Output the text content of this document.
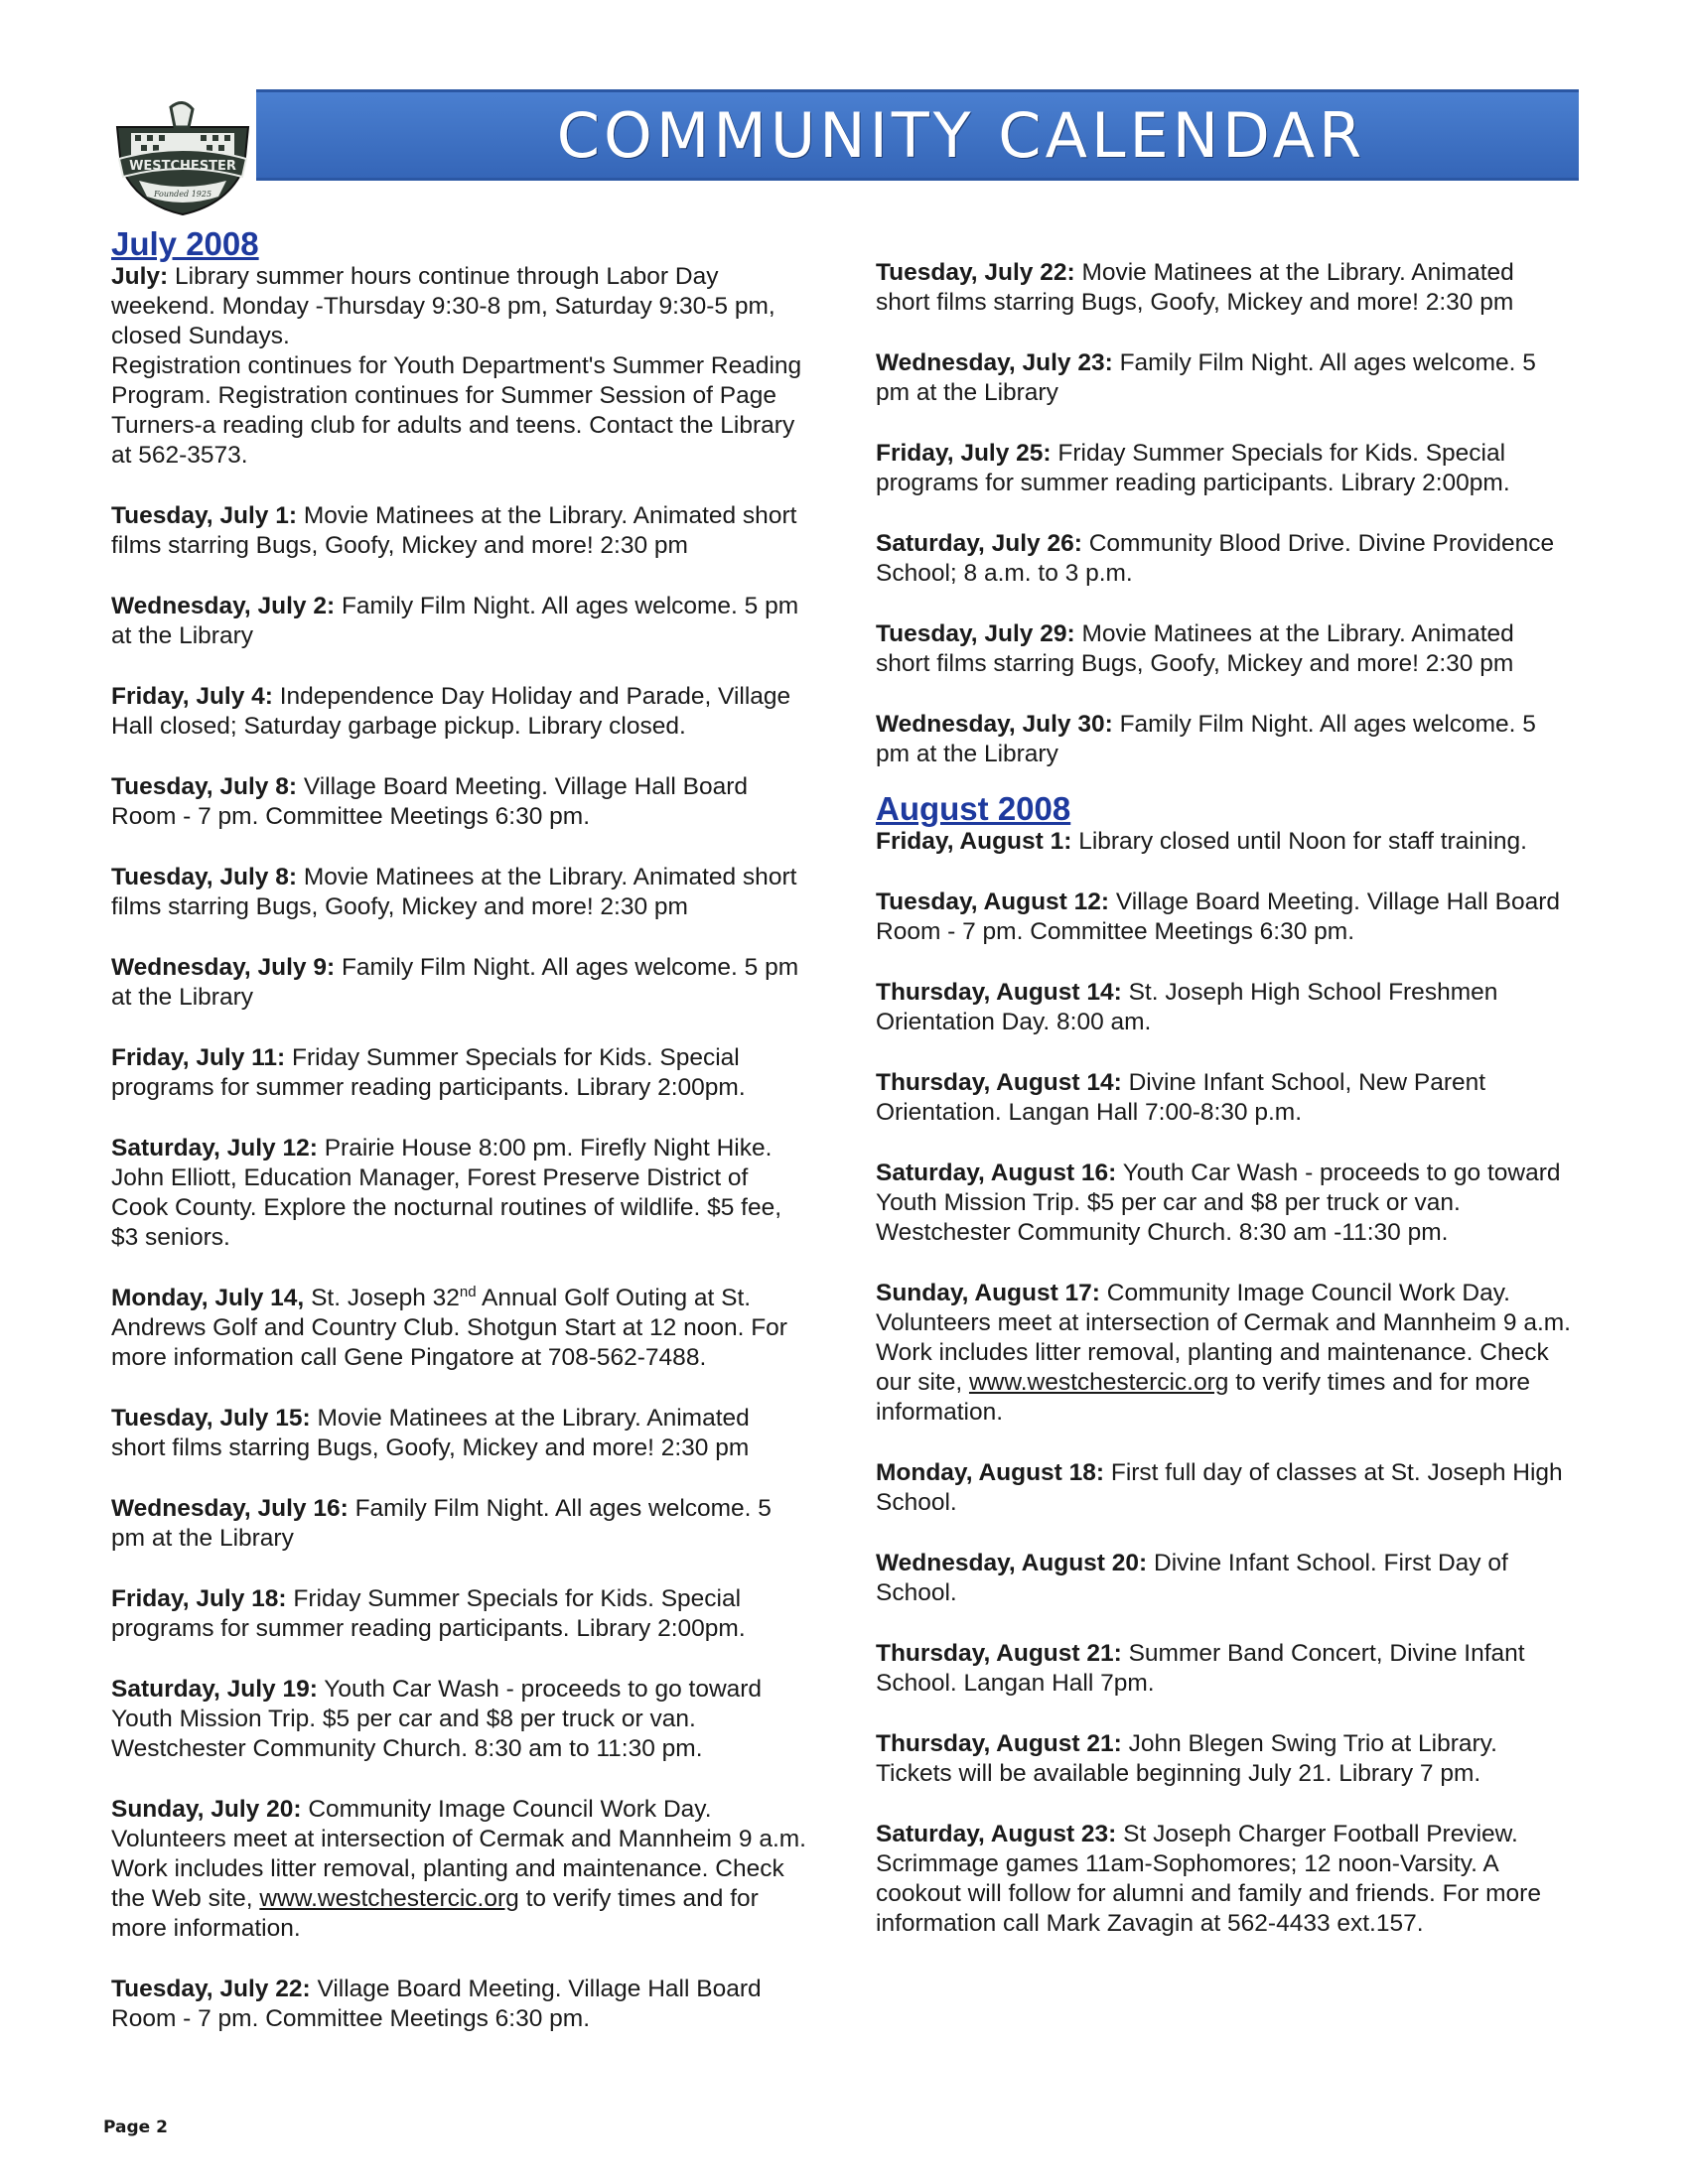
WESTCHESTER
Founded 1925
COMMUNITY CALENDAR

July 2008

July: Library summer hours continue through Labor Day weekend. Monday -Thursday 9:30-8 pm, Saturday 9:30-5 pm, closed Sundays.

Registration continues for Youth Department's Summer Reading Program. Registration continues for Summer Session of Page Turners-a reading club for adults and teens. Contact the Library at 562-3573.

Tuesday, July 1: Movie Matinees at the Library. Animated short films starring Bugs, Goofy, Mickey and more! 2:30 pm

Wednesday, July 2: Family Film Night. All ages welcome. 5 pm at the Library

Friday, July 4: Independence Day Holiday and Parade, Village Hall closed; Saturday garbage pickup. Library closed.

Tuesday, July 8: Village Board Meeting. Village Hall Board Room - 7 pm. Committee Meetings 6:30 pm.

Tuesday, July 8: Movie Matinees at the Library. Animated short films starring Bugs, Goofy, Mickey and more! 2:30 pm

Wednesday, July 9: Family Film Night. All ages welcome. 5 pm at the Library

Friday, July 11: Friday Summer Specials for Kids. Special programs for summer reading participants. Library 2:00pm.

Saturday, July 12: Prairie House 8:00 pm. Firefly Night Hike. John Elliott, Education Manager, Forest Preserve District of Cook County. Explore the nocturnal routines of wildlife. $5 fee, $3 seniors.

Monday, July 14, St. Joseph 32nd Annual Golf Outing at St. Andrews Golf and Country Club. Shotgun Start at 12 noon. For more information call Gene Pingatore at 708-562-7488.

Tuesday, July 15: Movie Matinees at the Library. Animated short films starring Bugs, Goofy, Mickey and more! 2:30 pm

Wednesday, July 16: Family Film Night. All ages welcome. 5 pm at the Library

Friday, July 18: Friday Summer Specials for Kids. Special programs for summer reading participants. Library 2:00pm.

Saturday, July 19: Youth Car Wash - proceeds to go toward Youth Mission Trip. $5 per car and $8 per truck or van. Westchester Community Church. 8:30 am to 11:30 pm.

Sunday, July 20: Community Image Council Work Day. Volunteers meet at intersection of Cermak and Mannheim 9 a.m. Work includes litter removal, planting and maintenance. Check the Web site, www.westchestercic.org to verify times and for more information.

Tuesday, July 22: Village Board Meeting. Village Hall Board Room - 7 pm. Committee Meetings 6:30 pm.

Tuesday, July 22: Movie Matinees at the Library. Animated short films starring Bugs, Goofy, Mickey and more! 2:30 pm

Wednesday, July 23: Family Film Night. All ages welcome. 5 pm at the Library

Friday, July 25: Friday Summer Specials for Kids. Special programs for summer reading participants. Library 2:00pm.

Saturday, July 26: Community Blood Drive. Divine Providence School; 8 a.m. to 3 p.m.

Tuesday, July 29: Movie Matinees at the Library. Animated short films starring Bugs, Goofy, Mickey and more! 2:30 pm

Wednesday, July 30: Family Film Night. All ages welcome. 5 pm at the Library

August 2008

Friday, August 1: Library closed until Noon for staff training.

Tuesday, August 12: Village Board Meeting. Village Hall Board Room - 7 pm. Committee Meetings 6:30 pm.

Thursday, August 14: St. Joseph High School Freshmen Orientation Day. 8:00 am.

Thursday, August 14: Divine Infant School, New Parent Orientation. Langan Hall 7:00-8:30 p.m.

Saturday, August 16: Youth Car Wash - proceeds to go toward Youth Mission Trip. $5 per car and $8 per truck or van. Westchester Community Church. 8:30 am -11:30 pm.

Sunday, August 17: Community Image Council Work Day. Volunteers meet at intersection of Cermak and Mannheim 9 a.m. Work includes litter removal, planting and maintenance. Check our site, www.westchestercic.org to verify times and for more information.

Monday, August 18: First full day of classes at St. Joseph High School.

Wednesday, August 20: Divine Infant School. First Day of School.

Thursday, August 21: Summer Band Concert, Divine Infant School. Langan Hall 7pm.

Thursday, August 21: John Blegen Swing Trio at Library. Tickets will be available beginning July 21. Library 7 pm.

Saturday, August 23: St Joseph Charger Football Preview. Scrimmage games 11am-Sophomores; 12 noon-Varsity. A cookout will follow for alumni and family and friends. For more information call Mark Zavagin at 562-4433 ext.157.

Page 2
